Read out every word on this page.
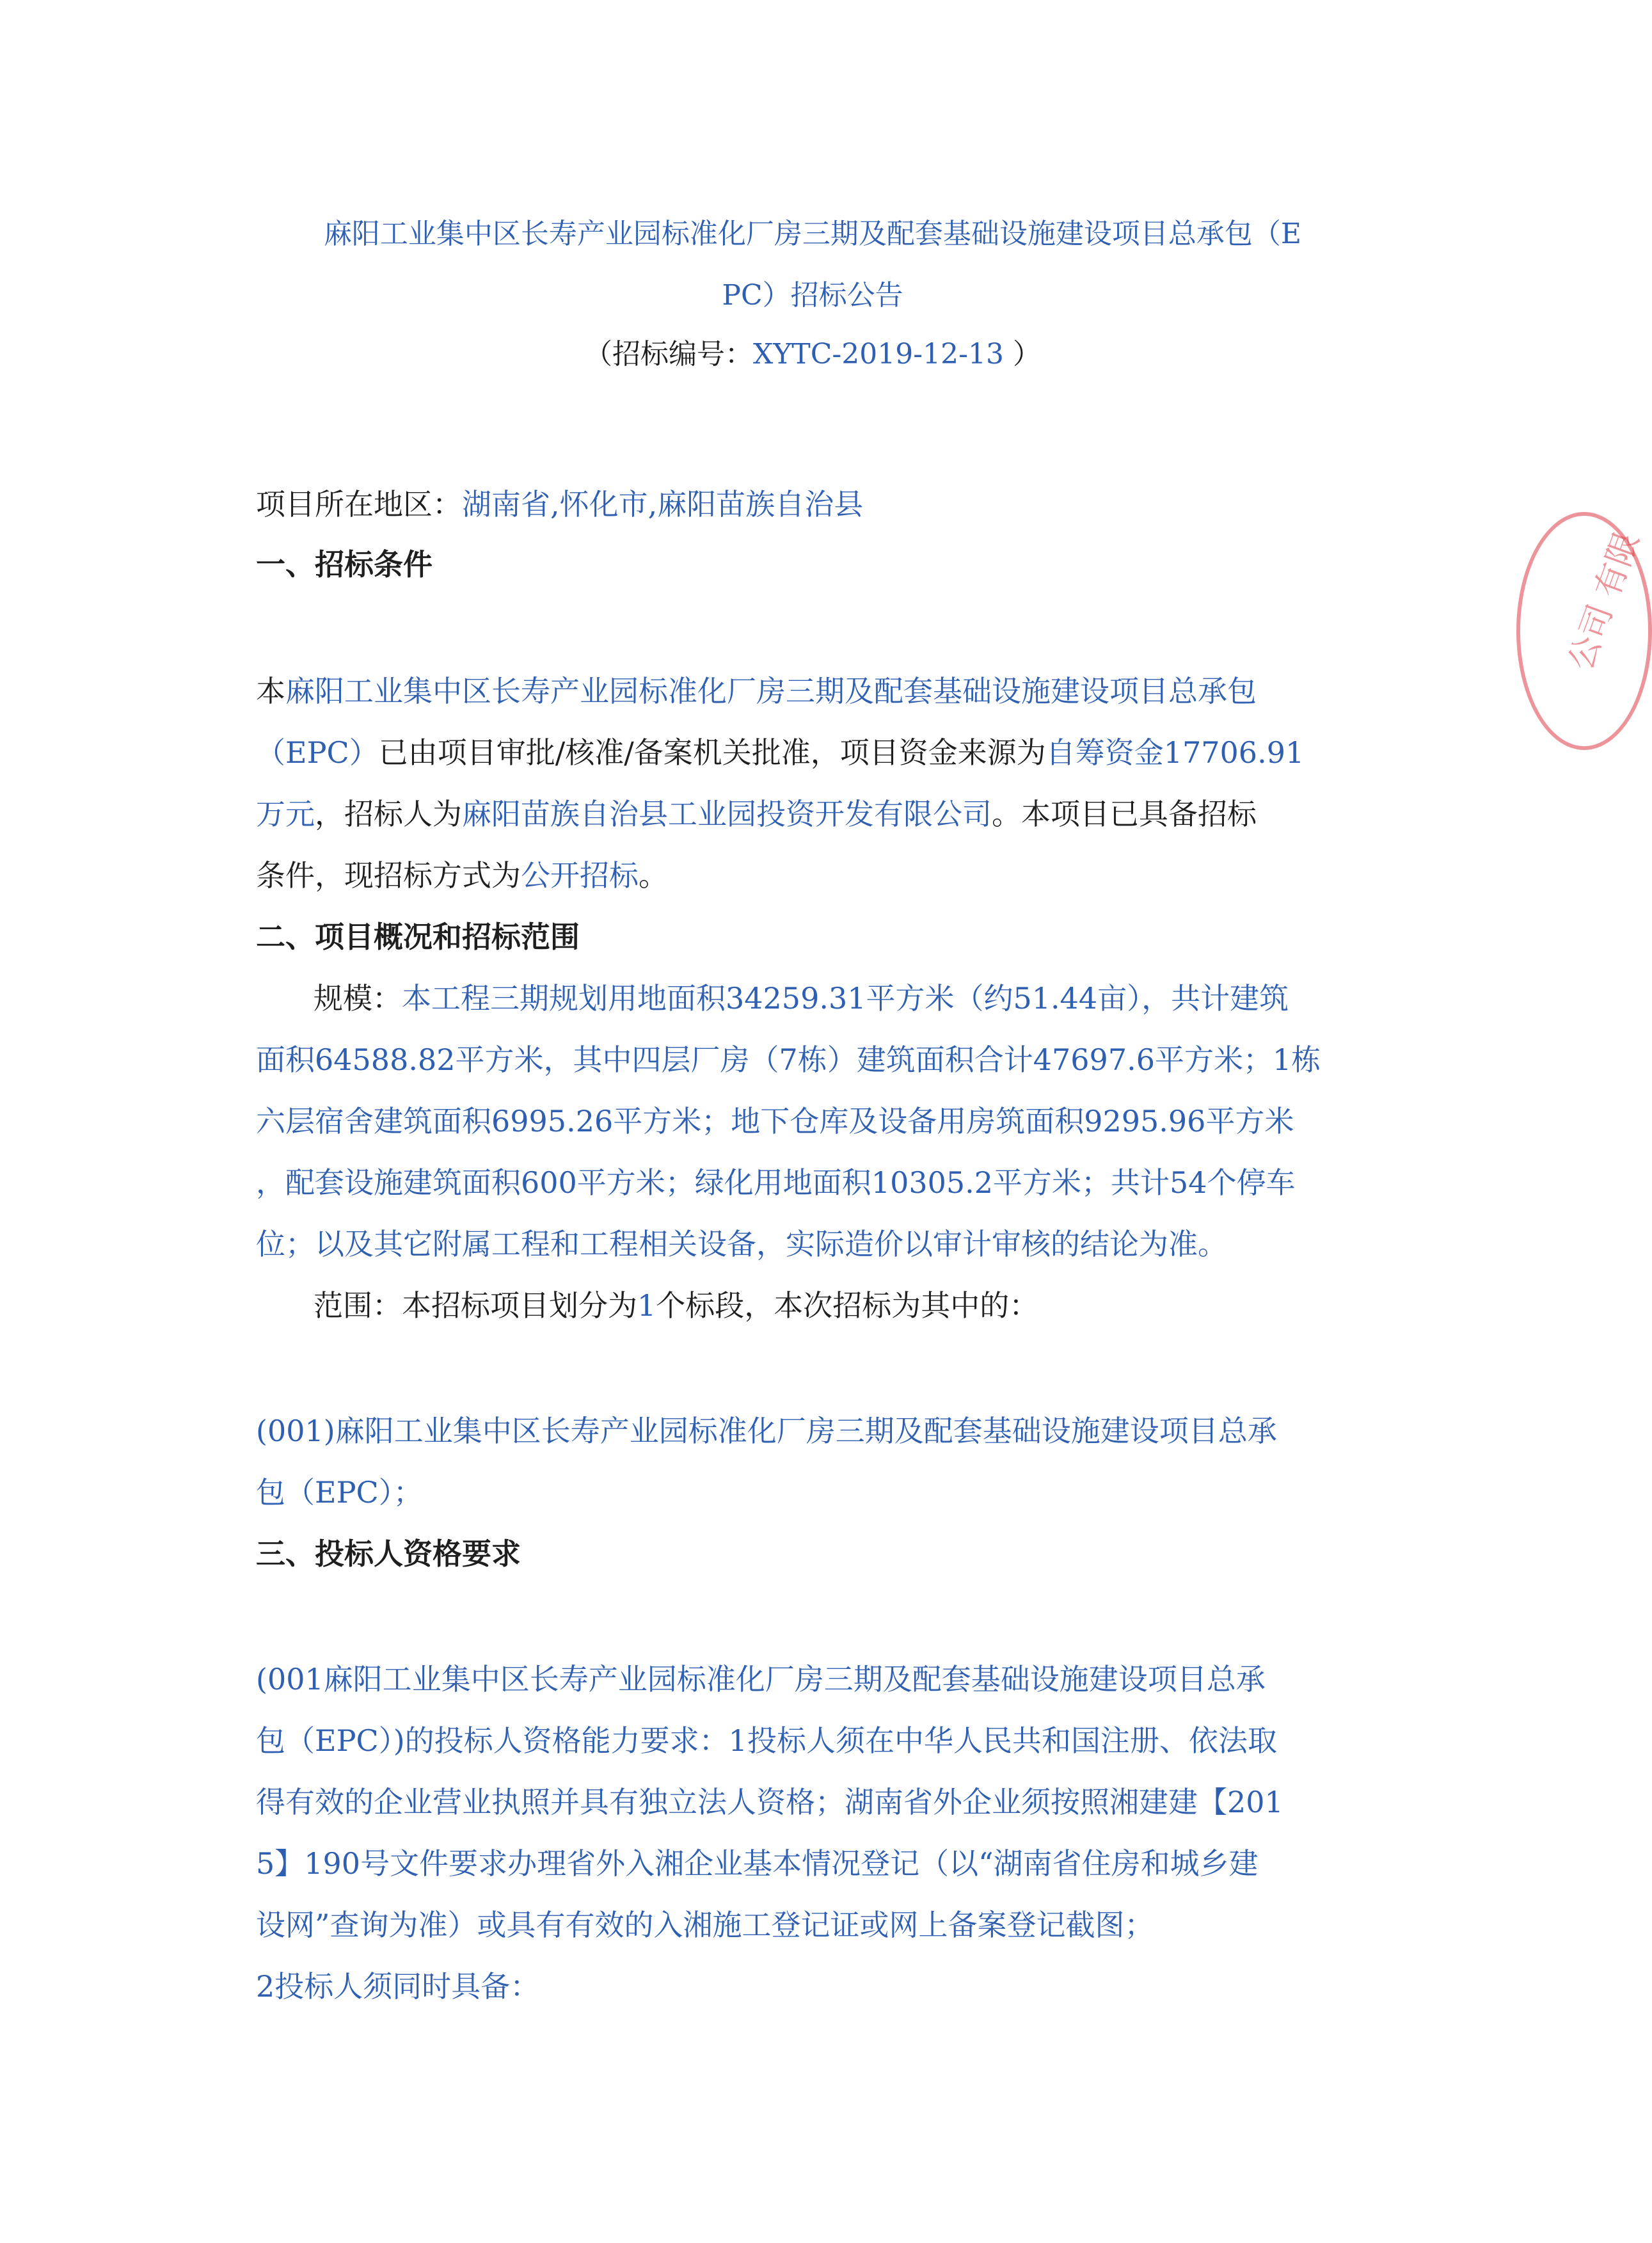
麻阳工业集中区长寿产业园标准化厂房三期及配套基础设施建设项目总承包（E
PC）招标公告
（招标编号：XYTC-2019-12-13 ）
项目所在地区：湖南省,怀化市,麻阳苗族自治县
一、招标条件
本麻阳工业集中区长寿产业园标准化厂房三期及配套基础设施建设项目总承包
（EPC）已由项目审批/核准/备案机关批准，项目资金来源为自筹资金17706.91
万元，招标人为麻阳苗族自治县工业园投资开发有限公司。本项目已具备招标
条件，现招标方式为公开招标。
二、项目概况和招标范围
规模：本工程三期规划用地面积34259.31平方米（约51.44亩），共计建筑
面积64588.82平方米，其中四层厂房（7栋）建筑面积合计47697.6平方米；1栋
六层宿舍建筑面积6995.26平方米；地下仓库及设备用房筑面积9295.96平方米
，配套设施建筑面积600平方米；绿化用地面积10305.2平方米；共计54个停车
位；以及其它附属工程和工程相关设备，实际造价以审计审核的结论为准。
范围：本招标项目划分为1个标段，本次招标为其中的：
(001)麻阳工业集中区长寿产业园标准化厂房三期及配套基础设施建设项目总承
包（EPC）；
三、投标人资格要求
(001麻阳工业集中区长寿产业园标准化厂房三期及配套基础设施建设项目总承
包（EPC）)的投标人资格能力要求：1投标人须在中华人民共和国注册、依法取
得有效的企业营业执照并具有独立法人资格；湖南省外企业须按照湘建建【201
5】190号文件要求办理省外入湘企业基本情况登记（以“湖南省住房和城乡建
设网”查询为准）或具有有效的入湘施工登记证或网上备案登记截图；
2投标人须同时具备：
公司 有限
